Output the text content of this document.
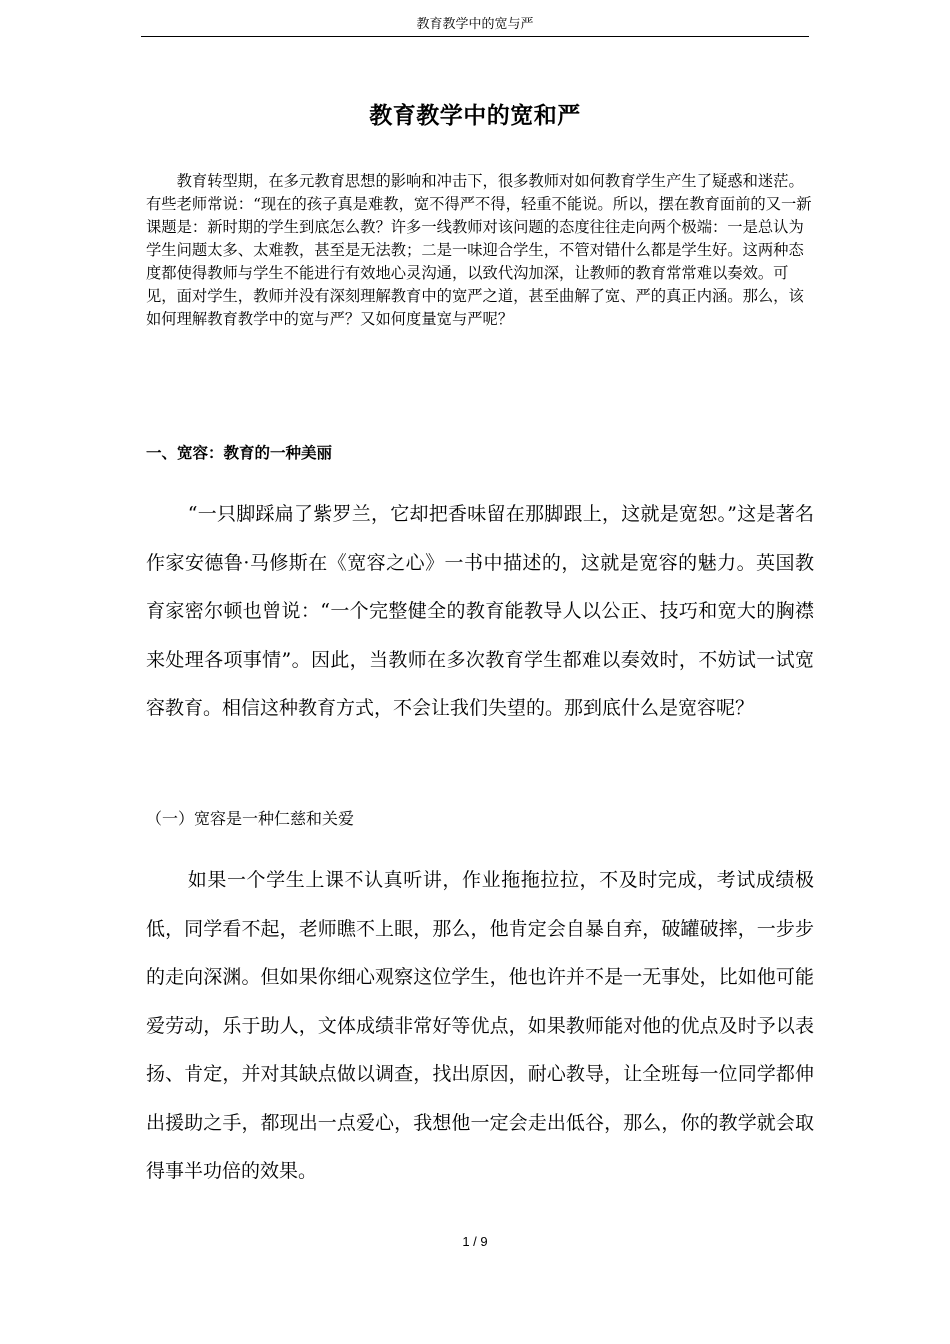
教育教学中的宽与严
教育教学中的宽和严

教育转型期，在多元教育思想的影响和冲击下，很多教师对如何教育学生产生了疑惑和迷茫。有些老师常说：“现在的孩子真是难教，宽不得严不得，轻重不能说。所以，摆在教育面前的又一新课题是：新时期的学生到底怎么教？许多一线教师对该问题的态度往往走向两个极端：一是总认为学生问题太多、太难教，甚至是无法教；二是一味迎合学生，不管对错什么都是学生好。这两种态度都使得教师与学生不能进行有效地心灵沟通，以致代沟加深，让教师的教育常常难以奏效。可见，面对学生，教师并没有深刻理解教育中的宽严之道，甚至曲解了宽、严的真正内涵。那么，该如何理解教育教学中的宽与严？又如何度量宽与严呢？

一、宽容：教育的一种美丽

“一只脚踩扁了紫罗兰，它却把香味留在那脚跟上，这就是宽恕。”这是著名作家安德鲁·马修斯在《宽容之心》一书中描述的，这就是宽容的魅力。英国教育家密尔顿也曾说：“一个完整健全的教育能教导人以公正、技巧和宽大的胸襟来处理各项事情”。因此，当教师在多次教育学生都难以奏效时，不妨试一试宽容教育。相信这种教育方式，不会让我们失望的。那到底什么是宽容呢？

（一）宽容是一种仁慈和关爱

如果一个学生上课不认真听讲，作业拖拖拉拉，不及时完成，考试成绩极低，同学看不起，老师瞧不上眼，那么，他肯定会自暴自弃，破罐破摔，一步步的走向深渊。但如果你细心观察这位学生，他也许并不是一无事处，比如他可能爱劳动，乐于助人，文体成绩非常好等优点，如果教师能对他的优点及时予以表扬、肯定，并对其缺点做以调查，找出原因，耐心教导，让全班每一位同学都伸出援助之手，都现出一点爱心，我想他一定会走出低谷，那么，你的教学就会取得事半功倍的效果。

1 / 9
